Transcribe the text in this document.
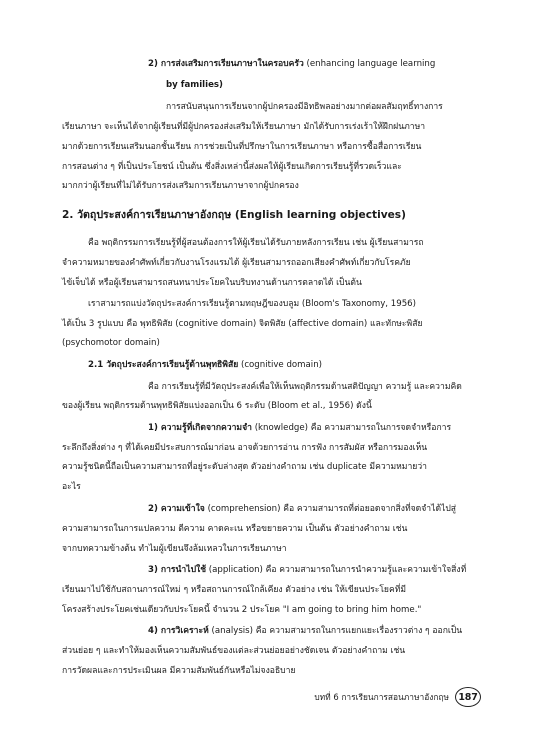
2) การส่งเสริมการเรียนภาษาในครอบครัว (enhancing language learning
by families)
การสนับสนุนการเรียนจากผู้ปกครองมีอิทธิพลอย่างมากต่อผลสัมฤทธิ์ทางการ
เรียนภาษา จะเห็นได้จากผู้เรียนที่มีผู้ปกครองส่งเสริมให้เรียนภาษา มักได้รับการเร่งเร้าให้ฝึกฝนภาษา
มากด้วยการเรียนเสริมนอกชั้นเรียน การช่วยเป็นที่ปรึกษาในการเรียนภาษา หรือการซื้อสื่อการเรียน
การสอนต่าง ๆ ที่เป็นประโยชน์ เป็นต้น ซึ่งสิ่งเหล่านี้ส่งผลให้ผู้เรียนเกิดการเรียนรู้ที่รวดเร็วและ
มากกว่าผู้เรียนที่ไม่ได้รับการส่งเสริมการเรียนภาษาจากผู้ปกครอง
2. วัตถุประสงค์การเรียนภาษาอังกฤษ (English learning objectives)
คือ พฤติกรรมการเรียนรู้ที่ผู้สอนต้องการให้ผู้เรียนได้รับภายหลังการเรียน เช่น ผู้เรียนสามารถ
จำความหมายของคำศัพท์เกี่ยวกับงานโรงแรมได้ ผู้เรียนสามารถออกเสียงคำศัพท์เกี่ยวกับโรคภัย
ไข้เจ็บได้ หรือผู้เรียนสามารถสนทนาประโยคในบริบทงานด้านการตลาดได้ เป็นต้น
เราสามารถแบ่งวัตถุประสงค์การเรียนรู้ตามทฤษฎีของบลูม (Bloom's Taxonomy, 1956)
ได้เป็น 3 รูปแบบ คือ พุทธิพิสัย (cognitive domain) จิตพิสัย (affective domain) และทักษะพิสัย
(psychomotor domain)
2.1 วัตถุประสงค์การเรียนรู้ด้านพุทธิพิสัย (cognitive domain)
คือ การเรียนรู้ที่มีวัตถุประสงค์เพื่อให้เห็นพฤติกรรมด้านสติปัญญา ความรู้ และความคิด
ของผู้เรียน พฤติกรรมด้านพุทธิพิสัยแบ่งออกเป็น 6 ระดับ (Bloom et al., 1956) ดังนี้
1) ความรู้ที่เกิดจากความจำ (knowledge) คือ ความสามารถในการจดจำหรือการ
ระลึกถึงสิ่งต่าง ๆ ที่ได้เคยมีประสบการณ์มาก่อน อาจด้วยการอ่าน การฟัง การสัมผัส หรือการมองเห็น
ความรู้ชนิดนี้ถือเป็นความสามารถที่อยู่ระดับล่างสุด ตัวอย่างคำถาม เช่น duplicate มีความหมายว่า
อะไร
2) ความเข้าใจ (comprehension) คือ ความสามารถที่ต่อยอดจากสิ่งที่จดจำได้ไปสู่
ความสามารถในการแปลความ ตีความ คาดคะเน หรือขยายความ เป็นต้น ตัวอย่างคำถาม เช่น
จากบทความข้างต้น ทำไมผู้เขียนจึงล้มเหลวในการเรียนภาษา
3) การนำไปใช้ (application) คือ ความสามารถในการนำความรู้และความเข้าใจสิ่งที่
เรียนมาไปใช้กับสถานการณ์ใหม่ ๆ หรือสถานการณ์ใกล้เคียง ตัวอย่าง เช่น ให้เขียนประโยคที่มี
โครงสร้างประโยคเช่นเดียวกับประโยคนี้ จำนวน 2 ประโยค "I am going to bring him home."
4) การวิเคราะห์ (analysis) คือ ความสามารถในการแยกแยะเรื่องราวต่าง ๆ ออกเป็น
ส่วนย่อย ๆ และทำให้มองเห็นความสัมพันธ์ของแต่ละส่วนย่อยอย่างชัดเจน ตัวอย่างคำถาม เช่น
การวัดผลและการประเมินผล มีความสัมพันธ์กันหรือไม่จงอธิบาย
บทที่ 6 การเรียนการสอนภาษาอังกฤษ 187
